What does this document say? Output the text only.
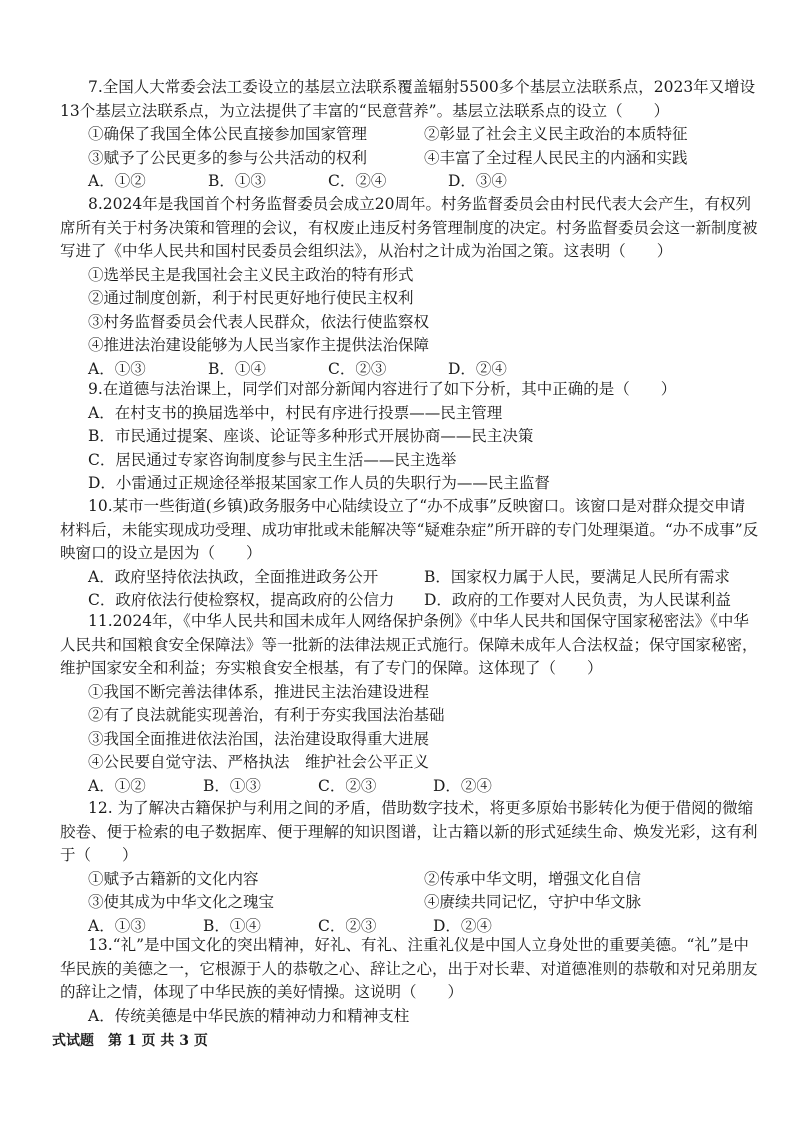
7.全国人大常委会法工委设立的基层立法联系覆盖辐射5500多个基层立法联系点，2023年又增设13个基层立法联系点，为立法提供了丰富的“民意营养”。基层立法联系点的设立（　　）

①确保了我国全体公民直接参加国家管理	②彰显了社会主义民主政治的本质特征
③赋予了公民更多的参与公共活动的权利	④丰富了全过程人民民主的内涵和实践
A．①②	B．①③	C．②④	D．③④

8.2024年是我国首个村务监督委员会成立20周年。村务监督委员会由村民代表大会产生，有权列席所有关于村务决策和管理的会议，有权废止违反村务管理制度的决定。村务监督委员会这一新制度被写进了《中华人民共和国村民委员会组织法》，从治村之计成为治国之策。这表明（　　）

①选举民主是我国社会主义民主政治的特有形式
②通过制度创新，利于村民更好地行使民主权利
③村务监督委员会代表人民群众，依法行使监察权
④推进法治建设能够为人民当家作主提供法治保障
A．①③	B．①④	C．②③	D．②④

9.在道德与法治课上，同学们对部分新闻内容进行了如下分析，其中正确的是（　　）

A．在村支书的换届选举中，村民有序进行投票——民主管理
B．市民通过提案、座谈、论证等多种形式开展协商——民主决策
C．居民通过专家咨询制度参与民主生活——民主选举
D．小雷通过正规途径举报某国家工作人员的失职行为——民主监督

10.某市一些街道(乡镇)政务服务中心陆续设立了“办不成事”反映窗口。该窗口是对群众提交申请材料后，未能实现成功受理、成功审批或未能解决等“疑难杂症”所开辟的专门处理渠道。“办不成事”反映窗口的设立是因为（　　）

A．政府坚持依法执政，全面推进政务公开	B．国家权力属于人民，要满足人民所有需求
C．政府依法行使检察权，提高政府的公信力	D．政府的工作要对人民负责，为人民谋利益

11.2024年，《中华人民共和国未成年人网络保护条例》《中华人民共和国保守国家秘密法》《中华人民共和国粮食安全保障法》等一批新的法律法规正式施行。保障未成年人合法权益；保守国家秘密，维护国家安全和利益；夯实粮食安全根基，有了专门的保障。这体现了（　　）

①我国不断完善法律体系，推进民主法治建设进程
②有了良法就能实现善治，有利于夯实我国法治基础
③我国全面推进依法治国，法治建设取得重大进展
④公民要自觉守法、严格执法　维护社会公平正义
A．①②	B．①③	C．②③	D．②④

12. 为了解决古籍保护与利用之间的矛盾，借助数字技术，将更多原始书影转化为便于借阅的微缩胶卷、便于检索的电子数据库、便于理解的知识图谱，让古籍以新的形式延续生命、焕发光彩，这有利于（　　）

①赋予古籍新的文化内容	②传承中华文明，增强文化自信
③使其成为中华文化之瑰宝	④赓续共同记忆，守护中华文脉
A．①③	B．①④	C．②③	D．②④

13.“礼”是中国文化的突出精神，好礼、有礼、注重礼仪是中国人立身处世的重要美德。“礼”是中华民族的美德之一，它根源于人的恭敬之心、辞让之心，出于对长辈、对道德准则的恭敬和对兄弟朋友的辞让之情，体现了中华民族的美好情操。这说明（　　）

A．传统美德是中华民族的精神动力和精神支柱
式试题　第 1 页 共 3 页
